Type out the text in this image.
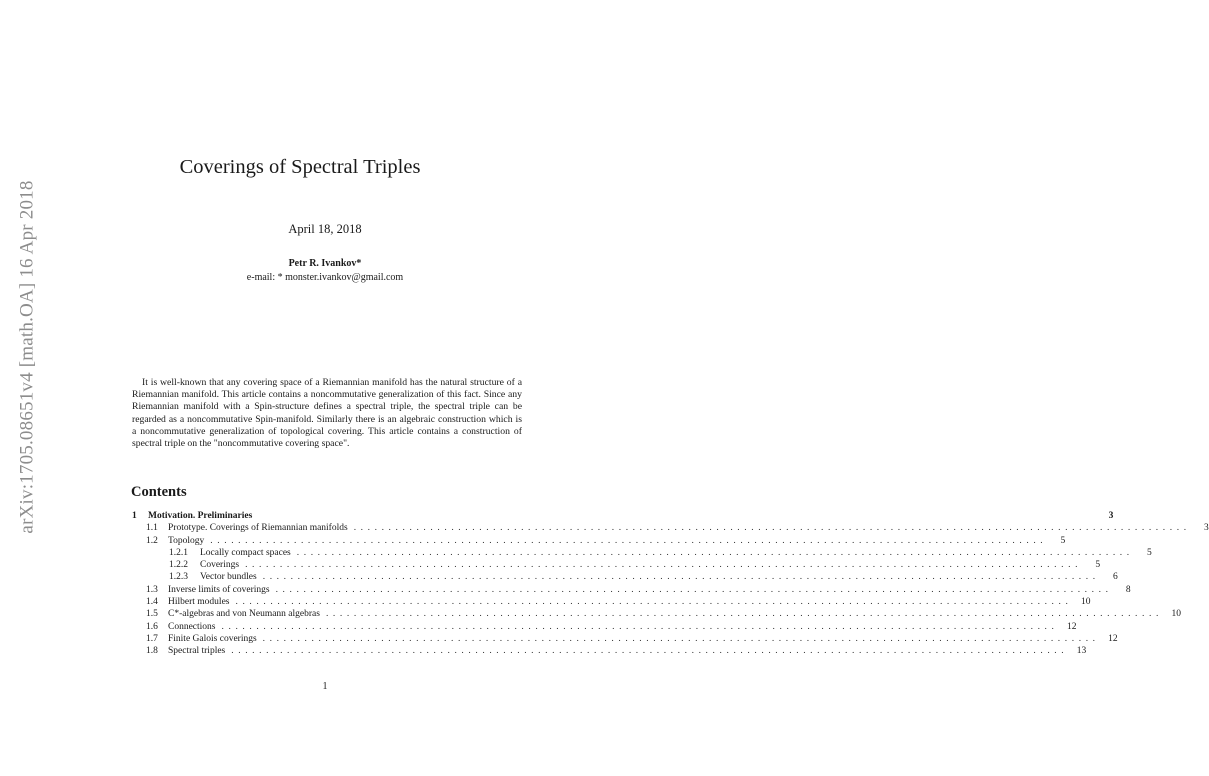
arXiv:1705.08651v4 [math.OA] 16 Apr 2018
Coverings of Spectral Triples
April 18, 2018
Petr R. Ivankov*
e-mail: * monster.ivankov@gmail.com
It is well-known that any covering space of a Riemannian manifold has the natural structure of a Riemannian manifold. This article contains a noncommutative generalization of this fact. Since any Riemannian manifold with a Spin-structure defines a spectral triple, the spectral triple can be regarded as a noncommutative Spin-manifold. Similarly there is an algebraic construction which is a noncommutative generalization of topological covering. This article contains a construction of spectral triple on the "noncommutative covering space".
Contents
1	Motivation. Preliminaries	3
1.1	Prototype. Coverings of Riemannian manifolds ........................................................................................................................	3
1.2	Topology ........................................................................................................................	5
1.2.1	Locally compact spaces ........................................................................................................................	5
1.2.2	Coverings ........................................................................................................................	5
1.2.3	Vector bundles ........................................................................................................................	6
1.3	Inverse limits of coverings ........................................................................................................................	8
1.4	Hilbert modules ........................................................................................................................ 10
1.5	C*-algebras and von Neumann algebras ........................................................................................................................ 10
1.6	Connections ........................................................................................................................ 12
1.7	Finite Galois coverings ........................................................................................................................ 12
1.8	Spectral triples ........................................................................................................................ 13
1
